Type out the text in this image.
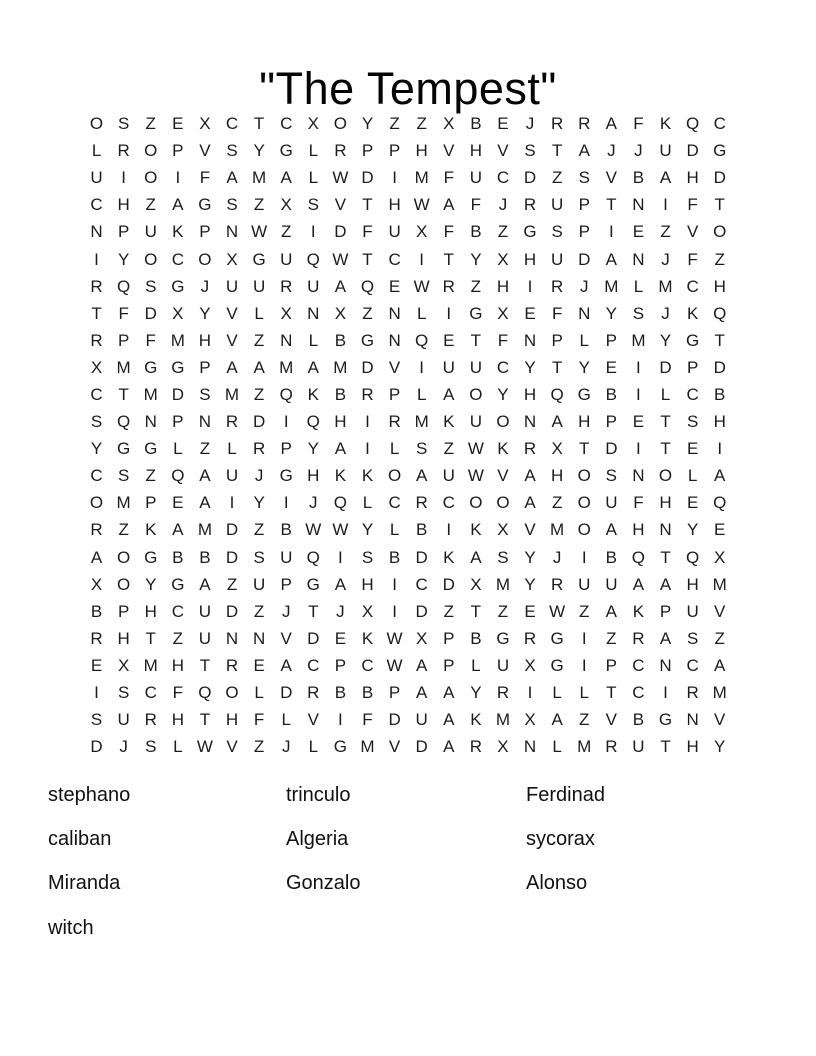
"The Tempest"
O S Z E X C T C X O Y Z Z X B E	J R R A F K Q C
L R O P V S Y G L R P P H V H V S T A	J	J U D G
U	I	O	I	F A M A L W D	I	M F U C D Z S V B A H D
C H Z A G S Z X S V T H W A F	J R U P T N	I	F T
N P U K P N W Z	I	D F U X F B Z G S P	I	E Z V O
I	Y O C O X G U Q W T C	I	T Y X H U D A N J	F Z
R Q S G J U U R U A Q E W R Z H	I	R J M L M C H
T F D X Y V L X N X Z N L	I	G X E F N Y S	J	K Q
R P F M H V Z N L B G N Q E T F N P L P M Y G T
X M G G P A A M A M D V	I	U U C Y T Y E	I	D P D
C T M D S M Z Q K B R P L A O Y H Q G B	I	L C B
S Q N P N R D	I	Q H	I	R M K U O N A H P E T S H
Y G G L	Z	L R P Y A	I	L S Z W K R X T D	I	T E	I
C S Z Q A U J G H K K O A U W V A H O S N O L A
O M P E A	I	Y	I	J Q L C R C O O A Z O U F H E Q
R Z K A M D Z B W W Y L B	I	K X V M O A H N Y E
A O G B B D S U Q	I	S B D K A S Y	J	I	B Q T Q X
X O Y G A Z U P G A H	I	C D X M Y R U U A A H M
B P H C U D Z	J	T	J	X	I	D Z T Z E W Z A K P U V
R H T Z U N N V D E K W X P B G R G	I	Z R A S Z
E X M H T R E A C P C W A P L U X G	I	P C N C A
I	S C F Q O L D R B B P A A Y R	I	L	L	T C	I	R M
S U R H T H F	L V	I	F D U A K M X A Z V B G N V
D J	S L W V Z	J	L G M V D A R X N L M R U T H Y
stephano
caliban
Miranda
witch
trinculo
Algeria
Gonzalo
Ferdinad
sycorax
Alonso
